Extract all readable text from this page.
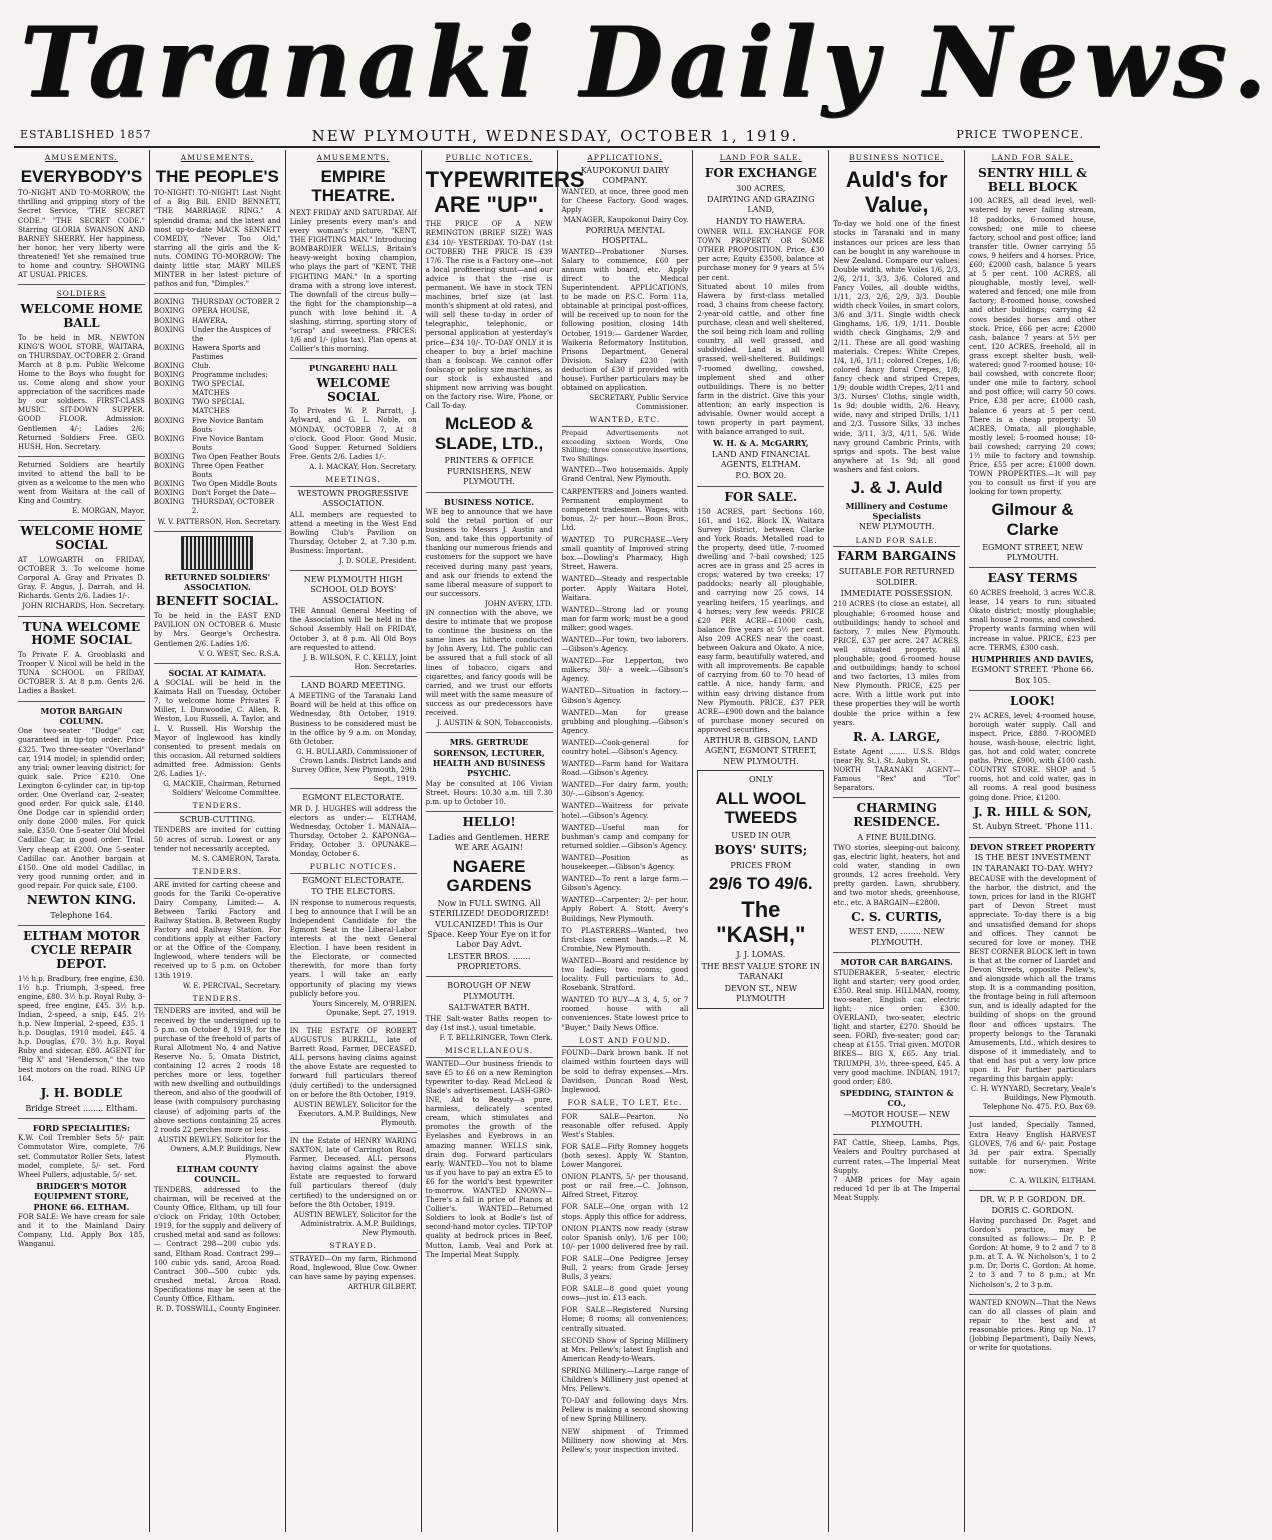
Taranaki Daily News.
ESTABLISHED 1857	NEW PLYMOUTH, WEDNESDAY, OCTOBER 1, 1919.	PRICE TWOPENCE.
AMUSEMENTS.
EVERYBODY'S
TO-NIGHT AND TO-MORROW, the thrilling and gripping story of the Secret Service, "THE SECRET CODE." "THE SECRET CODE." Starring GLORIA SWANSON AND BARNEY SHERRY. Her happiness, her honor, her very liberty were threatened! Yet she remained true to home and country. SHOWING AT USUAL PRICES.
SOLDIERS
WELCOME HOME BALL
To be held in MR. NEWTON KING'S WOOL STORE, WAITARA, on THURSDAY, OCTOBER 2. Grand March at 8 p.m. Public Welcome Home to the Boys who fought for us. Come along and show your appreciation of the sacrifices made by our soldiers. FIRST-CLASS MUSIC. SIT-DOWN SUPPER. GOOD FLOOR. Admission: Gentlemen 4/-; Ladies 2/6; Returned Soldiers Free. GEO. HUSH, Hon. Secretary.
Returned Soldiers are heartily invited to attend the ball to be given as a welcome to the men who went from Waitara at the call of King and Country.
E. MORGAN, Mayor.
WELCOME HOME SOCIAL
AT LOWGARTH on FRIDAY, OCTOBER 3. To welcome home Corporal A. Gray and Privates D. Gray, F. Angus, J. Darrah, and H. Richards. Gents 2/6. Ladies 1/-.
JOHN RICHARDS, Hon. Secretary.
TUNA WELCOME HOME SOCIAL
To Private F. A. Grooblaski and Trooper V. Nicol will be held in the TUNA SCHOOL on FRIDAY, OCTOBER 3. At 8 p.m. Gents 2/6. Ladies a Basket.
MOTOR BARGAIN COLUMN.
One two-seater "Dodge" car, guaranteed in tip-top order. Price £325. Two three-seater "Overland" car, 1914 model; in splendid order; any trial; owner leaving district; for quick sale. Price £210. One Lexington 6-cylinder car, in tip-top order. One Overland car, 2-seater, good order. For quick sale, £140. One Dodge car in splendid order; only done 2000 miles. For quick sale, £350. One 5-seater Old Model Cadillac Car, in good order. Trial. Very cheap at £200. One 5-seater Cadillac car. Another bargain at £150. One old model Cadillac, in very good running order, and in good repair. For quick sale, £100.
NEWTON KING.
Telephone 164.
ELTHAM MOTOR CYCLE REPAIR DEPOT.
1½ h.p. Bradbury, free engine, £30. 1½ h.p. Triumph, 3-speed, free engine, £80. 3½ h.p. Royal Ruby, 3-speed, free engine, £45. 3½ h.p. Indian, 2-speed, a snip, £45. 2½ h.p. New Imperial, 2-speed, £35. 1 h.p. Douglas, 1910 model, £45. 4 h.p. Douglas, £70. 3½ h.p. Royal Ruby and sidecar, £80. AGENT for "Big X" and "Henderson," the two best motors on the road. RING UP 164.
J. H. BODLE
Bridge Street ........ Eltham.
FORD SPECIALITIES:
K.W. Coil Trembler Sets 5/- pair. Commutator Wire, complete, 7/6 set. Commutator Roller Sets, latest model, complete, 5/- set. Ford Wheel Pullers, adjustable, 5/- set.
BRIDGER'S MOTOR EQUIPMENT STORE, PHONE 66. ELTHAM.
FOR SALE: We have cream for sale and it to the Mainland Dairy Company, Ltd. Apply Box 185, Wanganui.
AMUSEMENTS.
THE PEOPLE'S
TO-NIGHT! TO-NIGHT! Last Night of a Big Bill. ENID BENNETT, "THE MARRIAGE RING." A splendid drama; and the latest and most up-to-date MACK SENNETT COMEDY, "Never Too Old," starring all the girls and the K-nuts. COMING TO-MORROW: The dainty little star, MARY MILES MINTER in her latest picture of pathos and fun, "Dimples."
BOXING	THURSDAY OCTOBER 2
BOXING	OPERA HOUSE,
BOXING	HAWERA,
BOXING	Under the Auspices of the
BOXING	Hawera Sports and Pastimes
BOXING	Club.
BOXING	Programme includes:
BOXING	TWO SPECIAL MATCHES
BOXING	TWO SPECIAL MATCHES
BOXING	Five Novice Bantam Bouts
BOXING	Five Novice Bantam Bouts
BOXING	Two Open Feather Bouts
BOXING	Three Open Feather Bouts
BOXING	Two Open Middle Bouts
BOXING	Don't Forget the Date—
BOXING	THURSDAY, OCTOBER 2.
W. V. PATTERSON, Hon. Secretary.
RETURNED SOLDIERS' ASSOCIATION.
BENEFIT SOCIAL.
To be held in the EAST END PAVILION ON OCTOBER 6. Music by Mrs. George's Orchestra. Gentlemen 2/6. Ladies 1/6.
V. O. WEST, Sec. R.S.A.
SOCIAL AT KAIMATA.
A SOCIAL will be held in the Kaimata Hall on Tuesday, October 7, to welcome home Privates F. Miller, I. Dunwoodie, C. Allen, R. Weston, Lou Russell, A. Taylor, and L. V. Russell. His Worship the Mayor of Inglewood has kindly consented to present medals on this occasion. All returned soldiers admitted free. Admission: Gents 2/6. Ladies 1/-.
G. MACKIE, Chairman, Returned Soldiers' Welcome Committee.
TENDERS.
SCRUB-CUTTING.
TENDERS are invited for cutting 50 acres of scrub. Lowest or any tender not necessarily accepted.
M. S. CAMERON, Tarata.
TENDERS.
ARE invited for carting cheese and goods for the Tariki Co-operative Dairy Company, Limited:— A. Between Tariki Factory and Railway Station. B. Between Rugby Factory and Railway Station. For conditions apply at either Factory or at the Office of the Company, Inglewood, where tenders will be received up to 5 p.m. on October 13th 1919.
W. E. PERCIVAL, Secretary.
TENDERS.
TENDERS are invited, and will be received by the undersigned up to 5 p.m. on October 8, 1919, for the purchase of the freehold of parts of Rural Allotment No. 4 and Native Reserve No. 5, Omata District, containing 12 acres 2 roods 18 perches more or less, together with new dwelling and outbuildings thereon, and also of the goodwill of lease (with compulsory purchasing clause) of adjoining parts of the above sections containing 25 acres 2 roods 22 perches more or less.
AUSTIN BEWLEY, Solicitor for the Owners, A.M.P. Buildings, New Plymouth.
ELTHAM COUNTY COUNCIL.
TENDERS, addressed to the chairman, will be received at the County Office, Eltham, up till four o'clock on Friday, 10th October, 1919, for the supply and delivery of crushed metal and sand as follows:— Contract 298—200 cubic yds. sand, Eltham Road. Contract 299—100 cubic yds. sand, Arcoa Road. Contract 300—500 cubic yds. crushed metal, Arcoa Road. Specifications may be seen at the County Office, Eltham.
R. D. TOSSWILL, County Engineer.
AMUSEMENTS.
EMPIRE THEATRE.
NEXT FRIDAY AND SATURDAY. Alf Linley presents every man's and every woman's picture, "KENT, THE FIGHTING MAN." Introducing BOMBARDIER WELLS, Britain's heavy-weight boxing champion, who plays the part of "KENT, THE FIGHTING MAN." In a sporting drama with a strong love interest. The downfall of the circus bully—the fight for the championship—a punch with love behind it. A slashing, stirring, sporting story of "scrap" and sweetness. PRICES: 1/6 and 1/- (plus tax). Plan opens at Collier's this morning.
PUNGAREHU HALL
WELCOME SOCIAL
To Privates W. P. Parratt, J. Aylward, and G. L. Noble, on MONDAY, OCTOBER 7, At 8 o'clock. Good Floor. Good Music. Good Supper. Returned Soldiers Free. Gents 2/6. Ladies 1/-.
A. I. MACKAY, Hon. Secretary.
MEETINGS.
WESTOWN PROGRESSIVE ASSOCIATION.
ALL members are requested to attend a meeting in the West End Bowling Club's Pavilion on Thursday, October 2, at 7.30 p.m. Business: Important.
J. D. SOLE, President.
NEW PLYMOUTH HIGH SCHOOL OLD BOYS' ASSOCIATION.
THE Annual General Meeting of the Association will be held in the School Assembly Hall on FRIDAY, October 3, at 8 p.m. All Old Boys are requested to attend.
J. B. WILSON, F. C. KELLY, Joint Hon. Secretaries.
LAND BOARD MEETING.
A MEETING of the Taranaki Land Board will be held at this office on Wednesday, 8th October, 1919. Business to be considered must be in the office by 9 a.m. on Monday, 6th October.
G. H. BULLARD, Commissioner of Crown Lands. District Lands and Survey Office, New Plymouth, 29th Sept., 1919.
EGMONT ELECTORATE.
MR D. J. HUGHES will address the electors as under:— ELTHAM, Wednesday, October 1. MANAIA—Thursday, October 2. KAPONGA—Friday, October 3. OPUNAKE—Monday, October 6.
PUBLIC NOTICES.
EGMONT ELECTORATE.
TO THE ELECTORS.
IN response to numerous requests, I beg to announce that I will be an Independent Candidate for the Egmont Seat in the Liberal-Labor interests at the next General Election. I have been resident in the Electorate, or connected therewith, for more than forty years. I will take an early opportunity of placing my views publicly before you.
Yours Sincerely, M. O'BRIEN. Opunake, Sept. 27, 1919.
IN THE ESTATE OF ROBERT AUGUSTUS BURKILL, late of Barrett Road, Farmer, DECEASED. ALL persons having claims against the above Estate are requested to forward full particulars thereof (duly certified) to the undersigned on or before the 8th October, 1919.
AUSTIN BEWLEY, Solicitor for the Executors. A.M.P. Buildings, New Plymouth.
IN the Estate of HENRY WARING SAXTON, late of Carrington Road, Farmer, Deceased. ALL persons having claims against the above Estate are requested to forward full particulars thereof (duly certified) to the undersigned on or before the 8th October, 1919.
AUSTIN BEWLEY, Solicitor for the Administratrix. A.M.P. Buildings, New Plymouth.
STRAYED.
STRAYED—On my farm, Richmond Road, Inglewood, Blue Cow. Owner can have same by paying expenses.
ARTHUR GILBERT.
PUBLIC NOTICES.
TYPEWRITERS ARE "UP".
THE PRICE OF A NEW REMINGTON (BRIEF SIZE) WAS £34 10/- YESTERDAY. TO-DAY (1st OCTOBER) THE PRICE IS £39 17/6. The rise is a Factory one—not a local profiteering stunt—and our advice is that the rise is permanent. We have in stock TEN machines, brief size (at last month's shipment at old rates), and will sell these to-day in order of telegraphic, telephonic, or personal application at yesterday's price—£34 10/-. TO-DAY ONLY it is cheaper to buy a brief machine than a foolscap. We cannot offer foolscap or policy size machines, as our stock is exhausted and shipment now arriving was bought on the factory rise. Wire, Phone, or Call To-day.
McLEOD & SLADE, LTD.,
PRINTERS & OFFICE FURNISHERS, NEW PLYMOUTH.
BUSINESS NOTICE.
WE beg to announce that we have sold the retail portion of our business to Messrs J. Austin and Son, and take this opportunity of thanking our numerous friends and customers for the support we have received during many past years, and ask our friends to extend the same liberal measure of support to our successors.
JOHN AVERY, LTD.
IN connection with the above, we desire to intimate that we propose to continue the business on the same lines as hitherto conducted by John Avery, Ltd. The public can be assured that a full stock of all lines of tobacco, cigars and cigarettes, and fancy goods will be carried, and we trust our efforts will meet with the same measure of success as our predecessors have received.
J. AUSTIN & SON, Tobacconists.
MRS. GERTRUDE SORENSON, LECTURER, HEALTH AND BUSINESS PSYCHIC.
May be consulted at 106 Vivian Street. Hours: 10.30 a.m. till 7.30 p.m. up to October 10.
HELLO!
Ladies and Gentlemen. HERE WE ARE AGAIN!
NGAERE GARDENS
Now in FULL SWING. All STERILIZED! DEODORIZED! VULCANIZED! This is Our Space. Keep Your Eye on it for Labor Day Advt.
LESTER BROS. ....... PROPRIETORS.
BOROUGH OF NEW PLYMOUTH.
SALT-WATER BATH.
THE Salt-water Baths reopen to-day (1st inst.), usual timetable.
F. T. BELLRINGER, Town Clerk.
MISCELLANEOUS.
WANTED—Our business friends to save £5 to £6 on a new Remington typewriter to-day. Read McLeod & Slade's advertisement. LASH-GRO-INE, Aid to Beauty—a pure, harmless, delicately scented cream, which stimulates and promotes the growth of the Eyelashes and Eyebrows in an amazing manner. WELLS sink, drain dug. Forward particulars early. WANTED—You not to blame us if you have to pay an extra £5 to £6 for the world's best typewriter to-morrow. WANTED KNOWN—There's a fall in price of Pianos at Collier's. WANTED—Returned Soldiers to look at Bodle's list of second-hand motor cycles. TIP-TOP quality at bedrock prices in Beef, Mutton, Lamb, Veal and Pork at The Imperial Meat Supply.
APPLICATIONS.
KAUPOKONUI DAIRY COMPANY.
WANTED, at once, three good men for Cheese Factory. Good wages. Apply
MANAGER, Kaupokonui Dairy Coy.
PORIRUA MENTAL HOSPITAL.
WANTED—Probationer Nurses. Salary to commence, £60 per annum with board, etc. Apply direct to the Medical Superintendent. APPLICATIONS, to be made on P.S.C. Form 11a, obtainable at principal post-offices, will be received up to noon for the following position, closing 14th October, 1919:— Gardener Warder, Waikeria Reformatory Institution, Prisons Department, General Division. Salary £230 (with deduction of £30 if provided with house). Further particulars may be obtained on application.
SECRETARY, Public Service Commissioner.
WANTED, ETC.
Prepaid Advertisements not exceeding sixteen Words, One Shilling; three consecutive insertions, Two Shillings.
WANTED—Two housemaids. Apply Grand Central, New Plymouth.
CARPENTERS and Joiners wanted. Permanent employment to competent tradesmen. Wages, with bonus, 2/- per hour.—Boon Bros., Ltd.
WANTED TO PURCHASE—Very small quantity of Improved string box.—Dowling's Pharmacy, High Street, Hawera.
WANTED—Steady and respectable porter. Apply Waitara Hotel, Waitara.
WANTED—Strong lad or young man for farm work; must be a good milker; good wages.
WANTED—For town, two laborers.—Gibson's Agency.
WANTED—For Lepperton, two milkers; 30/- a week.—Gibson's Agency.
WANTED—Situation in factory.—Gibson's Agency.
WANTED—Man for grease grubbing and ploughing.—Gibson's Agency.
WANTED—Cook-general for country hotel.—Gibson's Agency.
WANTED—Farm hand for Waitara Road.—Gibson's Agency.
WANTED—For dairy farm, youth; 30/-.—Gibson's Agency.
WANTED—Waitress for private hotel.—Gibson's Agency.
WANTED—Useful man for bushman's camp and company for returned soldier.—Gibson's Agency.
WANTED—Position as housekeeper.—Gibson's Agency.
WANTED—To rent a large farm.—Gibson's Agency.
WANTED—Carpenter; 2/- per hour. Apply Robert A. Stott, Avery's Buildings, New Plymouth.
TO PLASTERERS—Wanted, two first-class cement hands.—P. M. Crombie, New Plymouth.
WANTED—Board and residence by two ladies; two rooms; good locality. Full particulars to Ad., Rosebank, Stratford.
WANTED TO BUY—A 3, 4, 5, or 7 roomed house with all conveniences. State lowest price to "Buyer," Daily News Office.
LOST AND FOUND.
FOUND—Dark brown bank. If not claimed within fourteen days will be sold to defray expenses.—Mrs. Davidson, Duncan Road West, Inglewood.
FOR SALE, TO LET, Etc.
FOR SALE—Pearton. No reasonable offer refused. Apply West's Stables.
FOR SALE—Fifty Romney hoggets (both sexes). Apply W. Stanton, Lower Mangorei.
ONION PLANTS, 5/- per thousand, post or rail free.—C. Johnson, Alfred Street, Fitzroy.
FOR SALE—One organ with 12 stops. Apply this office for address.
ONION PLANTS now ready (straw color Spanish only), 1/6 per 100; 10/- per 1000 delivered free by rail.
FOR SALE—One Pedigree Jersey Bull, 2 years; from Grade Jersey Bulls, 3 years.
FOR SALE—8 good quiet young cows—just in. £13 each.
FOR SALE—Registered Nursing Home; 8 rooms; all conveniences; centrally situated.
SECOND Show of Spring Millinery at Mrs. Pellew's; latest English and American Ready-to-Wears.
SPRING Millinery.—Large range of Children's Millinery just opened at Mrs. Pellew's.
TO-DAY and following days Mrs. Pellew is making a second showing of new Spring Millinery.
NEW shipment of Trimmed Millinery now showing at Mrs. Pellew's; your inspection invited.
LAND FOR SALE.
FOR EXCHANGE
300 ACRES,
DAIRYING AND GRAZING LAND,
HANDY TO HAWERA.
OWNER WILL EXCHANGE FOR TOWN PROPERTY OR SOME OTHER PROPOSITION. Price, £30 per acre; Equity £3500, balance at purchase money for 9 years at 5¼ per cent.
Situated about 10 miles from Hawera by first-class metalled road, 3 chains from cheese factory, 2-year-old cattle, and other fine purchase, clean and well sheltered, the soil being rich loam and rolling country, all well grassed, and subdivided. Land is all well grassed, well-sheltered. Buildings: 7-roomed dwelling, cowshed, implement shed and other outbuildings. There is no better farm in the district. Give this your attention; an early inspection is advisable. Owner would accept a town property in part payment, with balance arranged to suit.
W. H. & A. McGARRY,
LAND AND FINANCIAL AGENTS, ELTHAM.
P.O. BOX 20.
FOR SALE.
150 ACRES, part Sections 160, 161, and 162, Block IX, Waitara Survey District, between Clarke and York Roads. Metalled road to the property, deed title, 7-roomed dwelling and 7-bail cowshed; 125 acres are in grass and 25 acres in crops; watered by two creeks; 17 paddocks; nearly all ploughable, and carrying now 25 cows, 14 yearling heifers, 15 yearlings, and 4 horses; very few weeds. PRICE £20 PER ACRE—£1000 cash, balance five years at 5½ per cent. Also 209 ACRES near the coast, between Oakura and Okato. A nice, easy farm, beautifully watered, and with all improvements. Be capable of carrying from 60 to 70 head of cattle. A nice, handy farm, and within easy driving distance from New Plymouth. PRICE, £37 PER ACRE—£900 down and the balance of purchase money secured on approved securities.
ARTHUR B. GIBSON, LAND AGENT, EGMONT STREET, NEW PLYMOUTH.
ONLY
ALL WOOL TWEEDS
USED IN OUR
BOYS' SUITS;
PRICES FROM
29/6 TO 49/6.
The "KASH,"
J. J. LOMAS.
THE BEST VALUE STORE IN TARANAKI
DEVON ST., NEW PLYMOUTH
BUSINESS NOTICE.
Auld's for Value,
To-day we hold one of the finest stocks in Taranaki and in many instances our prices are less than can be bought in any warehouse in New Zealand. Compare our values: Double width, white Voiles 1/6, 2/3, 2/6, 2/11, 3/3, 3/6. Colored and Fancy Voiles, all double widths, 1/11, 2/3, 2/6, 2/9, 3/3. Double width check Voiles, in smart colors, 3/6 and 3/11. Single width check Ginghams, 1/6, 1/9, 1/11. Double width check Ginghams, 2/9 and 2/11. These are all good washing materials. Crepes: White Crepes, 1/4, 1/6, 1/11; colored Crepes, 1/6; colored fancy floral Crepes, 1/8; fancy check and striped Crepes, 1/9; double width Crepes, 2/11 and 3/3. Nurses' Cloths, single width, 1s 9d; double width, 2/6. Heavy, wide, navy and striped Drills, 1/11 and 2/3. Tussore Silks, 33 inches wide, 3/11, 3/3, 4/11, 5/6. Wide navy ground Cambric Prints, with sprigs and spots. The best value anywhere at 1s 9d; all good washers and fast colors.
J. & J. Auld
Millinery and Costume Specialists
NEW PLYMOUTH.
LAND FOR SALE.
FARM BARGAINS
SUITABLE FOR RETURNED SOLDIER.
IMMEDIATE POSSESSION.
210 ACRES (to close an estate), all ploughable; 6-roomed house and outbuildings; handy to school and factory, 7 miles New Plymouth. PRICE, £37 per acre. 247 ACRES, well situated property, all ploughable; good 6-roomed house and outbuildings; handy to school and two factories, 13 miles from New Plymouth. PRICE, £25 per acre. With a little work put into these properties they will be worth double the price within a few years.
R. A. LARGE,
Estate Agent ........ U.S.S. Bldgs (near Ry. St.). St. Aubyn St.
NORTH TARANAKI AGENT— Famous "Rex" and "Tor" Separators.
CHARMING RESIDENCE.
A FINE BUILDING.
TWO stories, sleeping-out balcony, gas, electric light, heaters, hot and cold water, standing in own grounds, 12 acres freehold. Very pretty garden. Lawn, shrubbery, and two motor sheds, greenhouse, etc., etc. A BARGAIN—£2800.
C. S. CURTIS,
WEST END, ........ NEW PLYMOUTH.
MOTOR CAR BARGAINS.
STUDEBAKER, 5-seater, electric light and starter; very good order, £350. Real snip. HILLMAN, roomy, two-seater, English car, electric light; nice order; £300. OVERLAND, two-seater, electric light and starter, £270. Should be seen. FORD, five-seater; good car; cheap at £155. Trial given. MOTOR BIKES— BIG X, £65. Any trial. TRIUMPH, 3½, three-speed, £45. A very good machine. INDIAN, 1917; good order; £80.
SPEDDING, STAINTON & CO.,
—MOTOR HOUSE— NEW PLYMOUTH.
FAT Cattle, Sheep, Lambs, Pigs, Vealers and Poultry purchased at current rates.—The Imperial Meat Supply.
7 AMB prices for May again reduced 1d per lb at The Imperial Meat Supply.
LAND FOR SALE.
SENTRY HILL & BELL BLOCK
100 ACRES, all dead level, well-watered by never failing stream, 18 paddocks, 6-roomed house, cowshed; one mile to cheese factory, school and post office; land transfer title. Owner carrying 55 cows, 9 heifers and 4 horses. Price, £60; £2000 cash, balance 5 years at 5 per cent. 100 ACRES, all ploughable, mostly level, well-watered and fenced; one mile from factory; 8-roomed house, cowshed and other buildings; carrying 42 cows besides horses and other stock. Price, £66 per acre; £2000 cash, balance 7 years at 5½ per cent. 120 ACRES, freehold, all in grass except shelter bush, well-watered; good 7-roomed house; 10-bail cowshed, with concrete floor; under one mile to factory, school and post office; will carry 50 cows. Price, £38 per acre; £1000 cash, balance 6 years at 5 per cent. There is a cheap property: 50 ACRES, Omata, all ploughable, mostly level; 5-roomed house; 10-bail cowshed; carrying 20 cows; 1½ mile to factory and township. Price, £55 per acre; £1000 down. TOWN PROPERTIES.—It will pay you to consult us first if you are looking for town property.
Gilmour & Clarke
EGMONT STREET, NEW PLYMOUTH.
EASY TERMS
60 ACRES freehold, 3 acres W.C.R. lease, 14 years to run; situated Okato district; mostly ploughable; small house 2 rooms, and cowshed. Property wants farming when will increase in value. PRICE, £23 per acre. TERMS, £300 cash.
HUMPHRIES AND DAVIES,
EGMONT STREET. 'Phone 66. Box 105.
LOOK!
2¼ ACRES, level; 4-roomed house, borough water supply. Call and inspect. Price, £880. 7-ROOMED house, wash-house, electric light, gas, hot and cold water, concrete paths. Price, £900, with £100 cash. COUNTRY STORE. SHOP and 5 rooms, hot and cold water, gas in all rooms. A real good business going done. Price, £1200.
J. R. HILL & SON,
St. Aubyn Street. 'Phone 111.
DEVON STREET PROPERTY
IS THE BEST INVESTMENT IN TARANAKI TO-DAY. WHY?
BECAUSE with the development of the harbor, the district, and the town, prices for land in the RIGHT part of Devon Street must appreciate. To-day there is a big and unsatisfied demand for shops and offices. They cannot be secured for love or money. THE BEST CORNER BLOCK left in town is that at the corner of Liardet and Devon Streets, opposite Pellew's, and alongside which all the trams stop. It is a commanding position, the frontage being in full afternoon sun, and is ideally adapted for the building of shops on the ground floor and offices upstairs. The property belongs to the Taranaki Amusements, Ltd., which desires to dispose of it immediately, and to that end has put a very low price upon it. For further particulars regarding this bargain apply:
C. H. WYNYARD, Secretary, Veale's Buildings, New Plymouth. Telephone No. 475. P.O. Box 69.
Just landed, Specially Tanned, Extra Heavy English HARVEST GLOVES, 7/6 and 6/- pair. Postage 3d per pair extra. Specially suitable for nurserymen. Write now:
C. A. WILKIN, ELTHAM.
DR. W. P. P. GORDON. DR. DORIS C. GORDON.
Having purchased Dr. Paget and Gordon's practice, may be consulted as follows:— Dr. P. P. Gordon: At home, 9 to 2 and 7 to 8 p.m. at T. A. W. Nicholson's, 1 to 2 p.m. Dr. Doris C. Gordon: At home, 2 to 3 and 7 to 8 p.m.; at Mr. Nicholson's, 2 to 3 p.m.
WANTED KNOWN—That the News can do all classes of plain and repair to the best and at reasonable prices. Ring up No. 17 (Jobbing Department), Daily News, or write for quotations.
